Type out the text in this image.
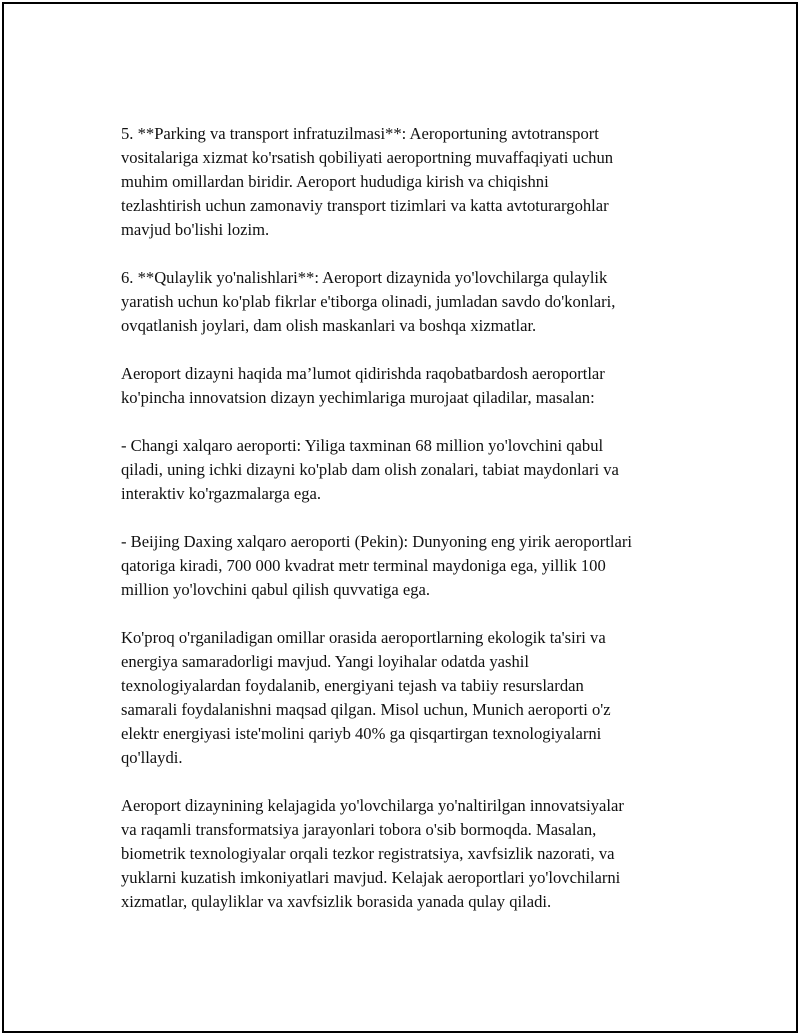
5. **Parking va transport infratuzilmasi**: Aeroportuning avtotransport
vositalariga xizmat ko'rsatish qobiliyati aeroportning muvaffaqiyati uchun
muhim omillardan biridir. Aeroport hududiga kirish va chiqishni
tezlashtirish uchun zamonaviy transport tizimlari va katta avtoturargohlar
mavjud bo'lishi lozim.

6. **Qulaylik yo'nalishlari**: Aeroport dizaynida yo'lovchilarga qulaylik
yaratish uchun ko'plab fikrlar e'tiborga olinadi, jumladan savdo do'konlari,
ovqatlanish joylari, dam olish maskanlari va boshqa xizmatlar.

Aeroport dizayni haqida ma’lumot qidirishda raqobatbardosh aeroportlar
ko'pincha innovatsion dizayn yechimlariga murojaat qiladilar, masalan:

- Changi xalqaro aeroporti: Yiliga taxminan 68 million yo'lovchini qabul
qiladi, uning ichki dizayni ko'plab dam olish zonalari, tabiat maydonlari va
interaktiv ko'rgazmalarga ega.

- Beijing Daxing xalqaro aeroporti (Pekin): Dunyoning eng yirik aeroportlari
qatoriga kiradi, 700 000 kvadrat metr terminal maydoniga ega, yillik 100
million yo'lovchini qabul qilish quvvatiga ega.

Ko'proq o'rganiladigan omillar orasida aeroportlarning ekologik ta'siri va
energiya samaradorligi mavjud. Yangi loyihalar odatda yashil
texnologiyalardan foydalanib, energiyani tejash va tabiiy resurslardan
samarali foydalanishni maqsad qilgan. Misol uchun, Munich aeroporti o'z
elektr energiyasi iste'molini qariyb 40% ga qisqartirgan texnologiyalarni
qo'llaydi.

Aeroport dizaynining kelajagida yo'lovchilarga yo'naltirilgan innovatsiyalar
va raqamli transformatsiya jarayonlari tobora o'sib bormoqda. Masalan,
biometrik texnologiyalar orqali tezkor registratsiya, xavfsizlik nazorati, va
yuklarni kuzatish imkoniyatlari mavjud. Kelajak aeroportlari yo'lovchilarni
xizmatlar, qulayliklar va xavfsizlik borasida yanada qulay qiladi.
